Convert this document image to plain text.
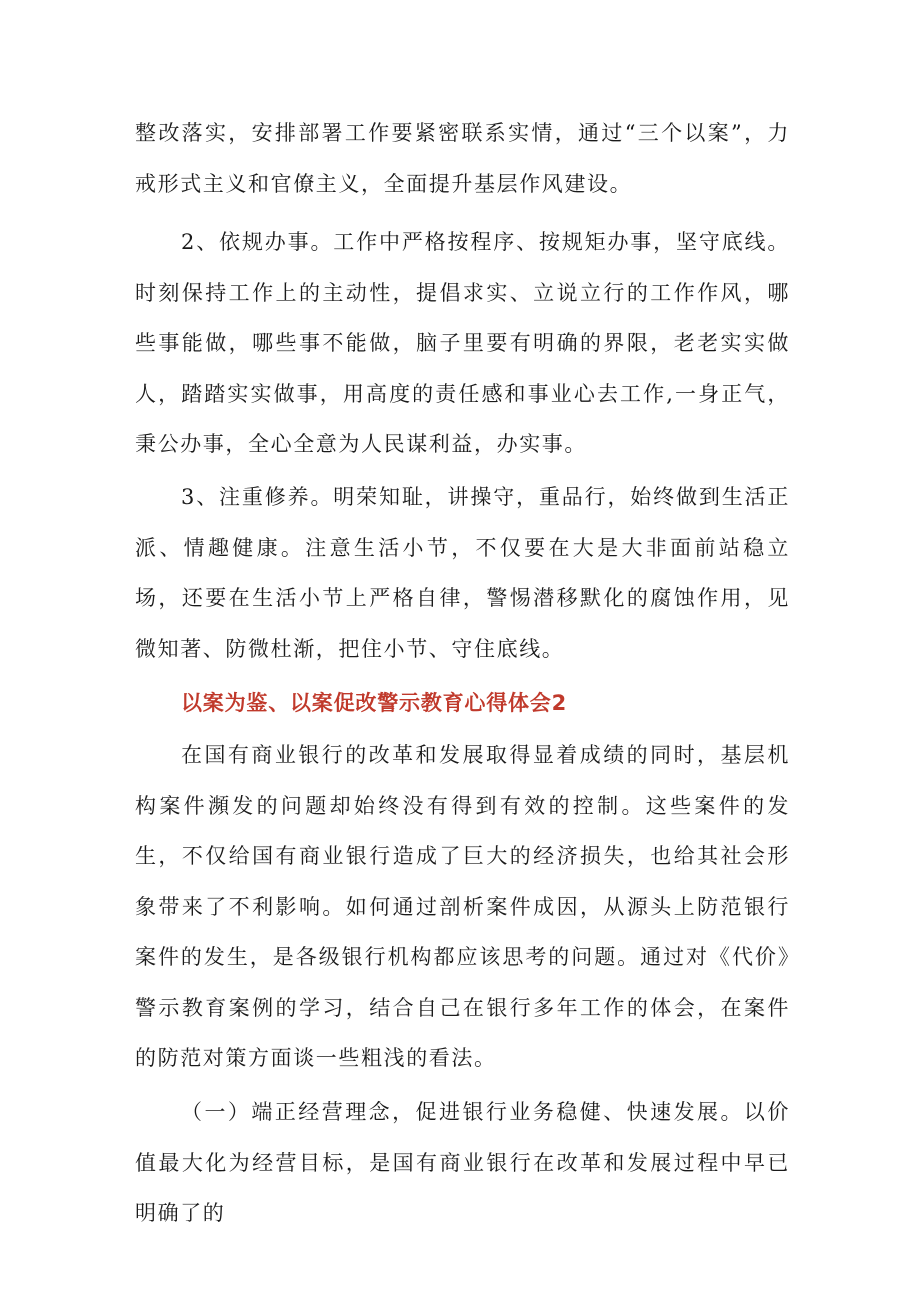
整改落实，安排部署工作要紧密联系实情，通过“三个以案”，力戒形式主义和官僚主义，全面提升基层作风建设。

2、依规办事。工作中严格按程序、按规矩办事，坚守底线。时刻保持工作上的主动性，提倡求实、立说立行的工作作风，哪些事能做，哪些事不能做，脑子里要有明确的界限，老老实实做人，踏踏实实做事，用高度的责任感和事业心去工作,一身正气，秉公办事，全心全意为人民谋利益，办实事。

3、注重修养。明荣知耻，讲操守，重品行，始终做到生活正派、情趣健康。注意生活小节，不仅要在大是大非面前站稳立场，还要在生活小节上严格自律，警惕潜移默化的腐蚀作用，见微知著、防微杜渐，把住小节、守住底线。

以案为鉴、以案促改警示教育心得体会2

在国有商业银行的改革和发展取得显着成绩的同时，基层机构案件瀕发的问题却始终没有得到有效的控制。这些案件的发生，不仅给国有商业银行造成了巨大的经济损失，也给其社会形象带来了不利影响。如何通过剖析案件成因，从源头上防范银行案件的发生，是各级银行机构都应该思考的问题。通过对《代价》警示教育案例的学习，结合自己在银行多年工作的体会，在案件的防范对策方面谈一些粗浅的看法。

（一）端正经营理念，促进银行业务稳健、快速发展。以价值最大化为经营目标，是国有商业银行在改革和发展过程中早已明确了的
